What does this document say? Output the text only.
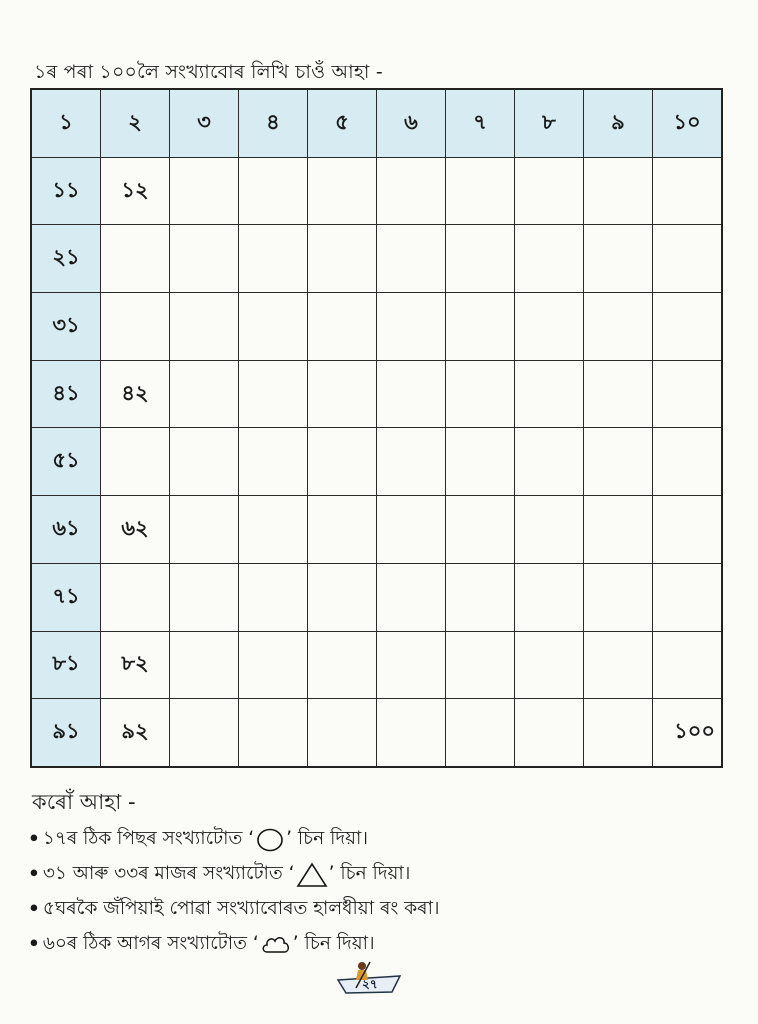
১ৰ পৰা ১০০লৈ সংখ্যাবোৰ লিখি চাওঁ আহা -
১	২	৩	৪	৫	৬	৭	৮	৯	১০
১১	১২								
২১									
৩১									
৪১	৪২								
৫১									
৬১	৬২								
৭১									
৮১	৮২								
৯১	৯২								১০০
কৰোঁ আহা -
• ১৭ৰ ঠিক পিছৰ সংখ্যাটোত ‘ ’ চিন দিয়া।
• ৩১ আৰু ৩৩ৰ মাজৰ সংখ্যাটোত ‘ ’ চিন দিয়া।
• ৫ঘৰকৈ জঁপিয়াই পোৱা সংখ্যাবোৰত হালধীয়া ৰং কৰা।
• ৬০ৰ ঠিক আগৰ সংখ্যাটোত ‘ ’ চিন দিয়া।
২৭
